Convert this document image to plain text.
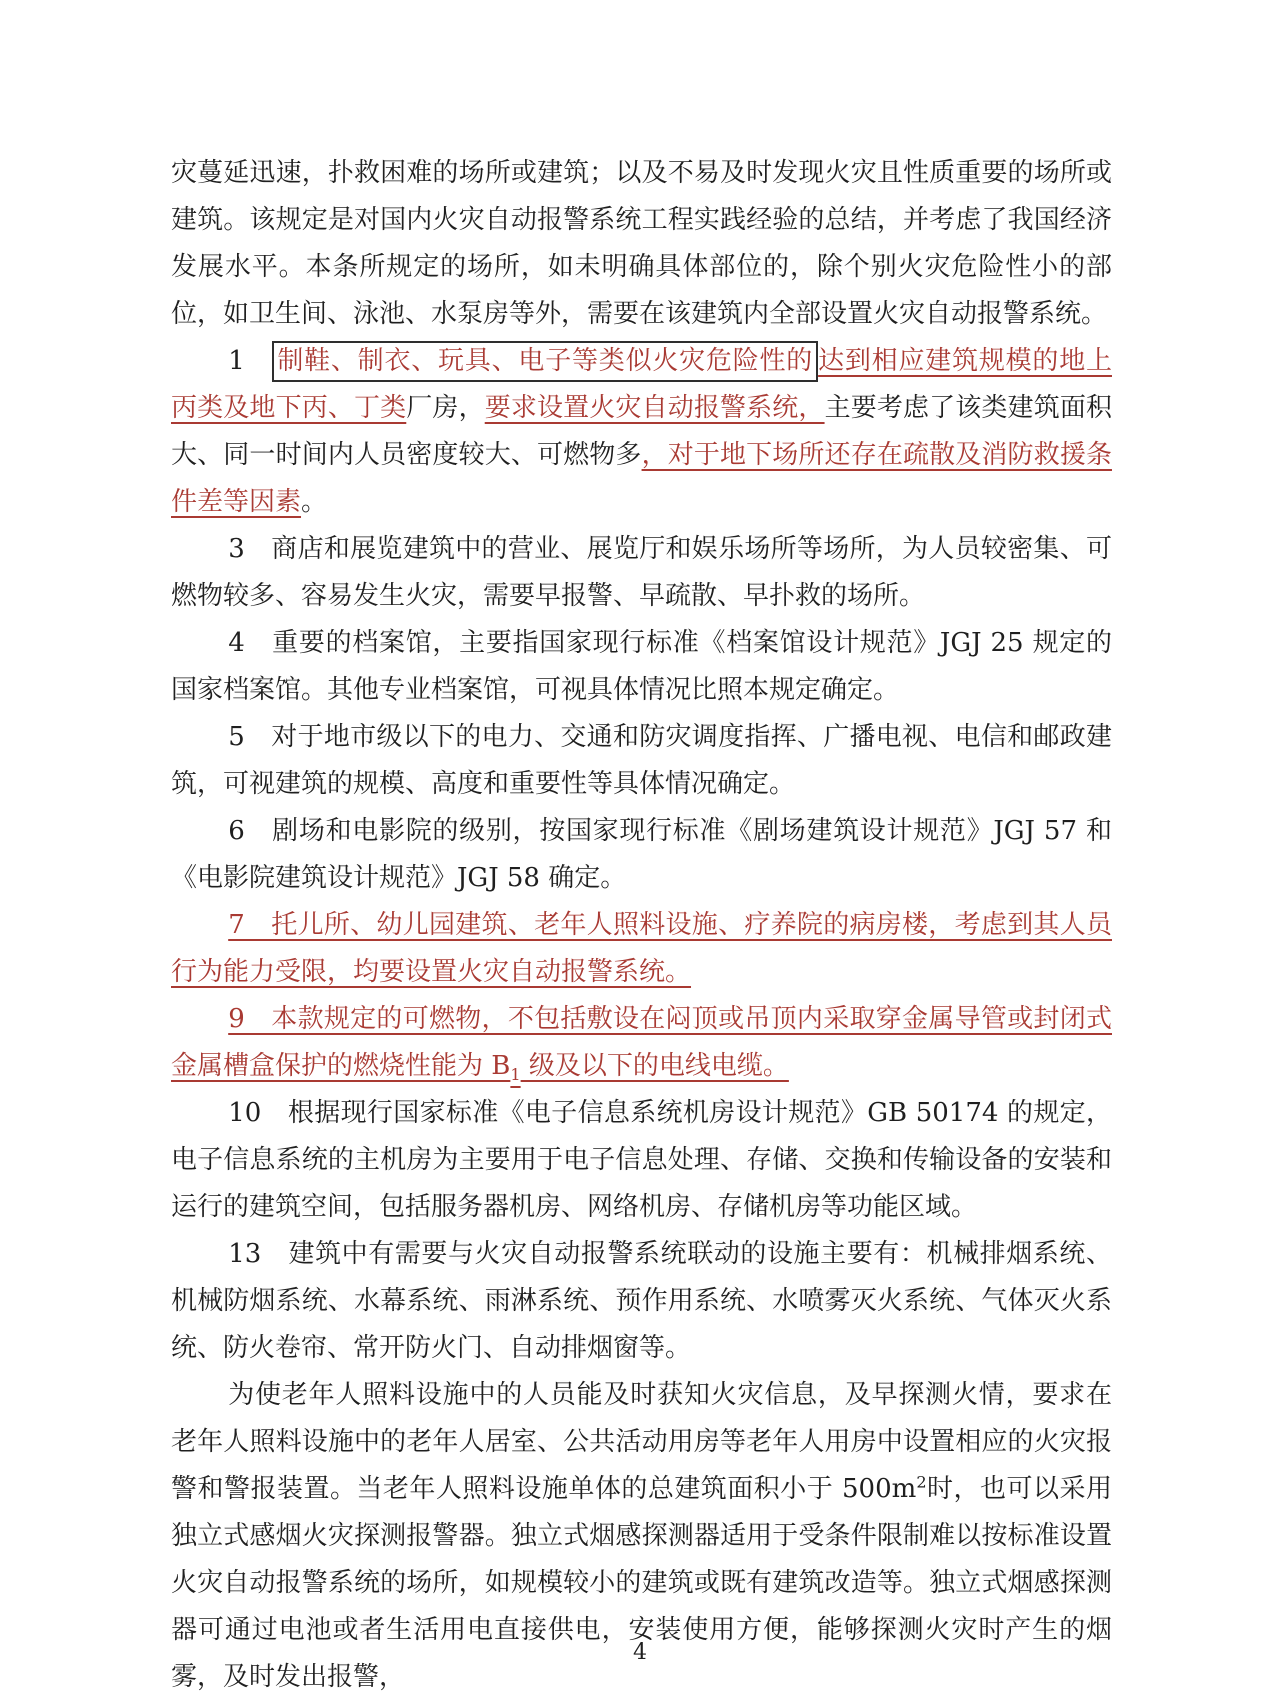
灾蔓延迅速，扑救困难的场所或建筑；以及不易及时发现火灾且性质重要的场所或建筑。该规定是对国内火灾自动报警系统工程实践经验的总结，并考虑了我国经济发展水平。本条所规定的场所，如未明确具体部位的，除个别火灾危险性小的部位，如卫生间、泳池、水泵房等外，需要在该建筑内全部设置火灾自动报警系统。

1　制鞋、制衣、玩具、电子等类似火灾危险性的 达到相应建筑规模的地上丙类及地下丙、丁类厂房，要求设置火灾自动报警系统，主要考虑了该类建筑面积大、同一时间内人员密度较大、可燃物多，对于地下场所还存在疏散及消防救援条件差等因素。

3　商店和展览建筑中的营业、展览厅和娱乐场所等场所，为人员较密集、可燃物较多、容易发生火灾，需要早报警、早疏散、早扑救的场所。

4　重要的档案馆，主要指国家现行标准《档案馆设计规范》JGJ 25 规定的国家档案馆。其他专业档案馆，可视具体情况比照本规定确定。

5　对于地市级以下的电力、交通和防灾调度指挥、广播电视、电信和邮政建筑，可视建筑的规模、高度和重要性等具体情况确定。

6　剧场和电影院的级别，按国家现行标准《剧场建筑设计规范》JGJ 57 和《电影院建筑设计规范》JGJ 58 确定。

7　托儿所、幼儿园建筑、老年人照料设施、疗养院的病房楼，考虑到其人员行为能力受限，均要设置火灾自动报警系统。

9　本款规定的可燃物，不包括敷设在闷顶或吊顶内采取穿金属导管或封闭式金属槽盒保护的燃烧性能为 $B_1$ 级及以下的电线电缆。

10　根据现行国家标准《电子信息系统机房设计规范》GB 50174 的规定，电子信息系统的主机房为主要用于电子信息处理、存储、交换和传输设备的安装和运行的建筑空间，包括服务器机房、网络机房、存储机房等功能区域。

13　建筑中有需要与火灾自动报警系统联动的设施主要有：机械排烟系统、机械防烟系统、水幕系统、雨淋系统、预作用系统、水喷雾灭火系统、气体灭火系统、防火卷帘、常开防火门、自动排烟窗等。

为使老年人照料设施中的人员能及时获知火灾信息，及早探测火情，要求在老年人照料设施中的老年人居室、公共活动用房等老年人用房中设置相应的火灾报警和警报装置。当老年人照料设施单体的总建筑面积小于 $500m^2$时，也可以采用独立式感烟火灾探测报警器。独立式烟感探测器适用于受条件限制难以按标准设置火灾自动报警系统的场所，如规模较小的建筑或既有建筑改造等。独立式烟感探测器可通过电池或者生活用电直接供电，安装使用方便，能够探测火灾时产生的烟雾，及时发出报警，

4
